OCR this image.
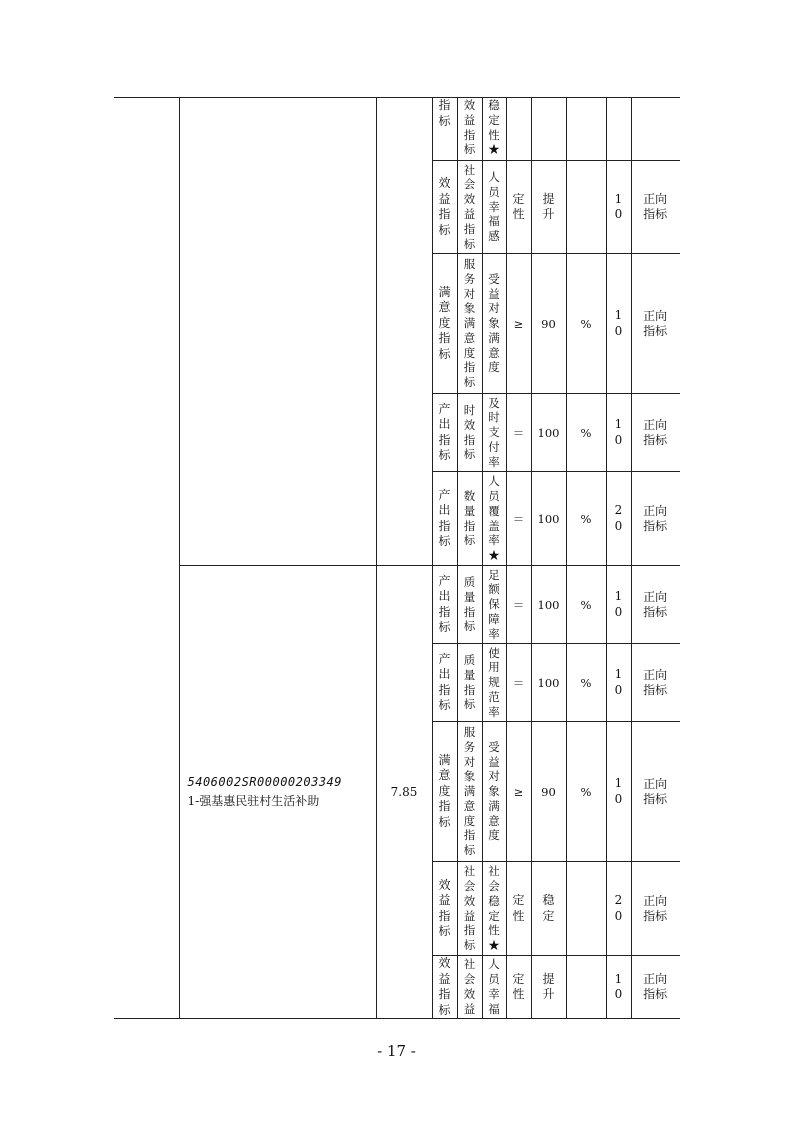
			指标	效益指标	稳定性★					
			效益指标	社会效益指标	人员幸福感	定性	提升		10	正向指标
			满意度指标	服务对象满意度指标	受益对象满意度	≥	90	%	10	正向指标
			产出指标	时效指标	及时支付率	＝	100	%	10	正向指标
			产出指标	数量指标	人员覆盖率★	＝	100	%	20	正向指标

	5406002SR00000203349
1-强基惠民驻村生活补助	7.85	产出指标	质量指标	足额保障率	＝	100	%	10	正向指标
			产出指标	质量指标	使用规范率	＝	100	%	10	正向指标
			满意度指标	服务对象满意度指标	受益对象满意度	≥	90	%	10	正向指标
			效益指标	社会效益指标	社会稳定性★	定性	稳定		20	正向指标
			效益指标	社会效益	人员幸福	定性	提升		10	正向指标
- 17 -
